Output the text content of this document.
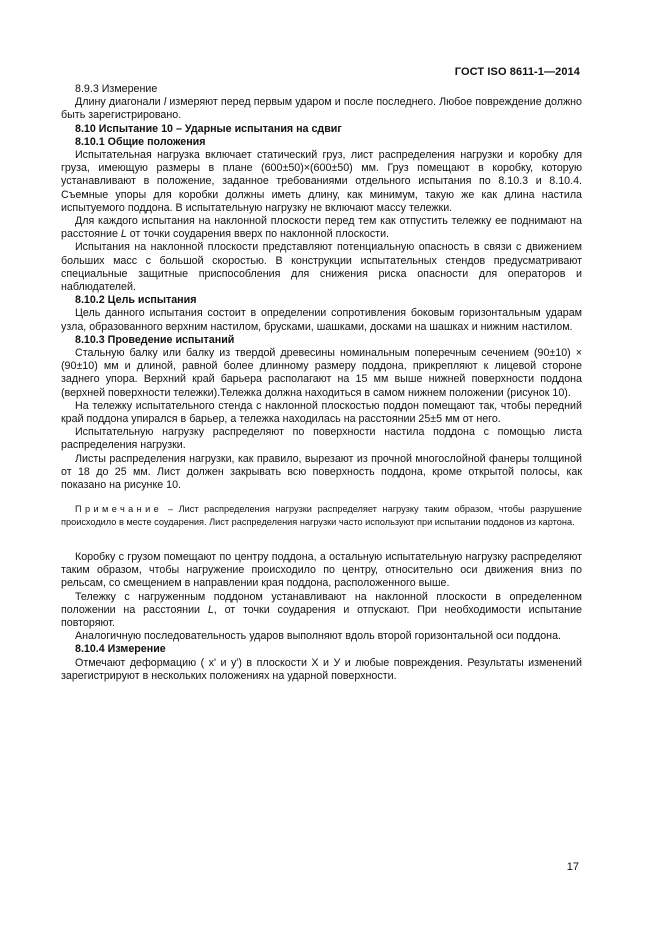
ГОСТ ISO 8611-1—2014

8.9.3 Измерение

Длину диагонали l измеряют перед первым ударом и после последнего. Любое повреждение должно быть зарегистрировано.

8.10 Испытание 10 – Ударные испытания на сдвиг

8.10.1 Общие положения

Испытательная нагрузка включает статический груз, лист распределения нагрузки и коробку для груза, имеющую размеры в плане (600±50)×(600±50) мм. Груз помещают в коробку, которую устанавливают в положение, заданное требованиями отдельного испытания по 8.10.3 и 8.10.4. Съемные упоры для коробки должны иметь длину, как минимум, такую же как длина настила испытуемого поддона. В испытательную нагрузку не включают массу тележки.

Для каждого испытания на наклонной плоскости перед тем как отпустить тележку ее поднимают на расстояние L от точки соударения вверх по наклонной плоскости.

Испытания на наклонной плоскости представляют потенциальную опасность в связи с движением больших масс с большой скоростью. В конструкции испытательных стендов предусматривают специальные защитные приспособления для снижения риска опасности для операторов и наблюдателей.

8.10.2 Цель испытания

Цель данного испытания состоит в определении сопротивления боковым горизонтальным ударам узла, образованного верхним настилом, брусками, шашками, досками на шашках и нижним настилом.

8.10.3 Проведение испытаний

Стальную балку или балку из твердой древесины номинальным поперечным сечением (90±10) × (90±10) мм и длиной, равной более длинному размеру поддона, прикрепляют к лицевой стороне заднего упора. Верхний край барьера располагают на 15 мм выше нижней поверхности поддона (верхней поверхности тележки).Тележка должна находиться в самом нижнем положении (рисунок 10).

На тележку испытательного стенда с наклонной плоскостью поддон помещают так, чтобы передний край поддона упирался в барьер, а тележка находилась на расстоянии 25±5 мм от него.

Испытательную нагрузку распределяют по поверхности настила поддона с помощью листа распределения нагрузки.

Листы распределения нагрузки, как правило, вырезают из прочной многослойной фанеры толщиной от 18 до 25 мм. Лист должен закрывать всю поверхность поддона, кроме открытой полосы, как показано на рисунке 10.

Примечание – Лист распределения нагрузки распределяет нагрузку таким образом, чтобы разрушение происходило в месте соударения. Лист распределения нагрузки часто используют при испытании поддонов из картона.

Коробку с грузом помещают по центру поддона, а остальную испытательную нагрузку распределяют таким образом, чтобы нагружение происходило по центру, относительно оси движения вниз по рельсам, со смещением в направлении края поддона, расположенного выше.

Тележку с нагруженным поддоном устанавливают на наклонной плоскости в определенном положении на расстоянии L, от точки соударения и отпускают. При необходимости испытание повторяют.

Аналогичную последовательность ударов выполняют вдоль второй горизонтальной оси поддона.

8.10.4 Измерение

Отмечают деформацию ( x' и y') в плоскости X и У и любые повреждения. Результаты изменений зарегистрируют в нескольких положениях на ударной поверхности.

17
